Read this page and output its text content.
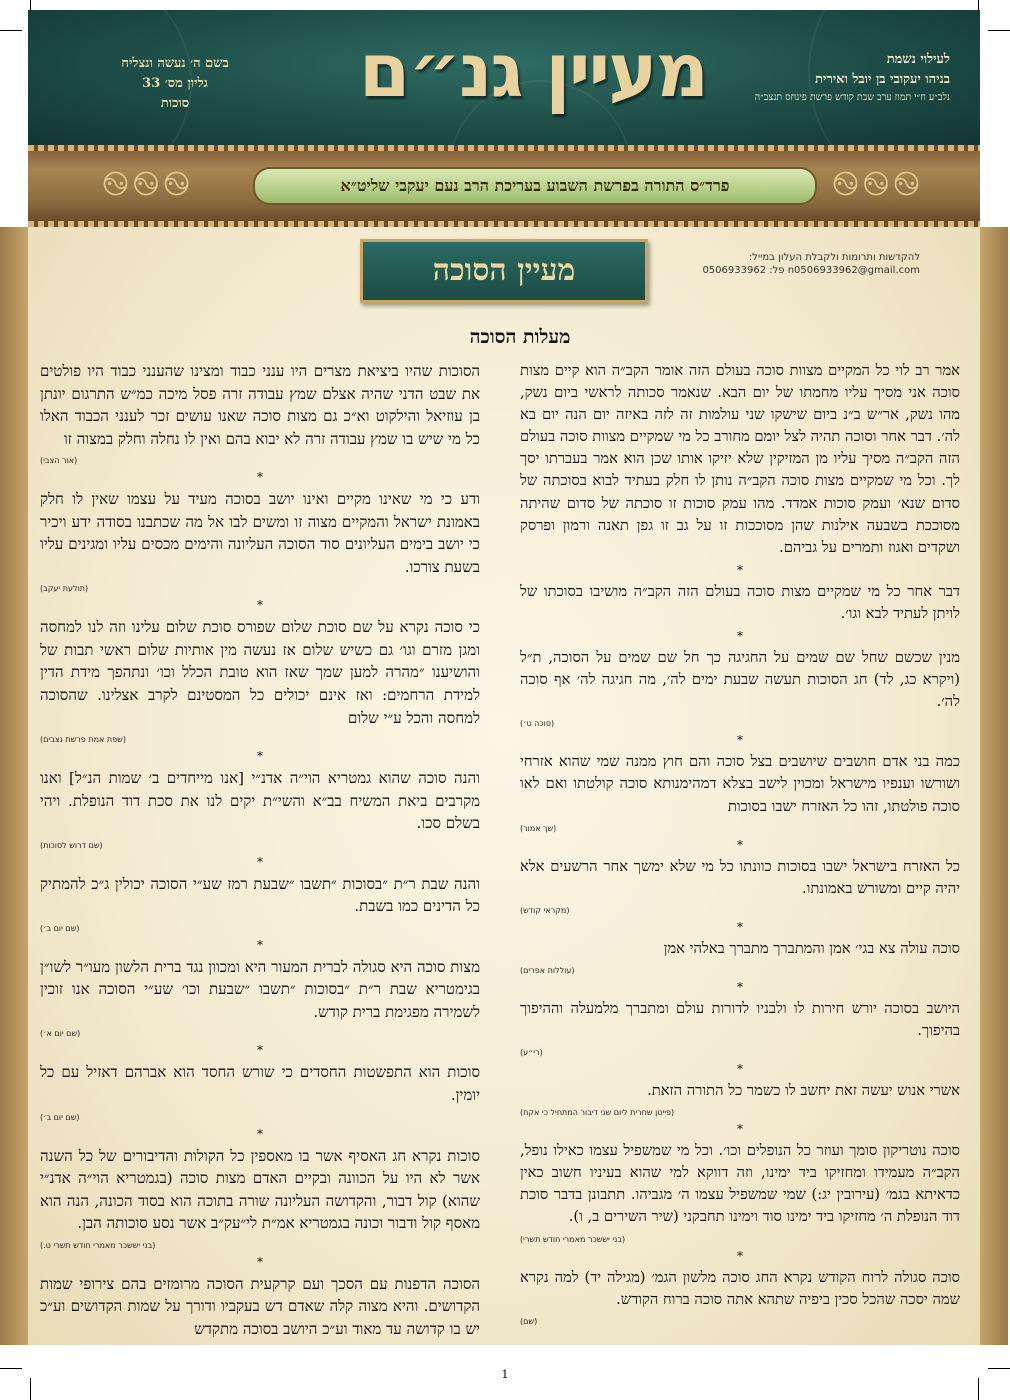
מעיין גנ״ם
בשם ה׳ נעשה ונצליח
גליון מס׳ 33
סוכות
לעילוי נשמת
בניהו יעקובי בן יובל ואירית
נלב״ע ח״י תמוז ערב שבת קודש פרשת פינחס תנצב״ה
࿊࿊࿊	࿊࿊࿊
פרד״ס התורה בפרשת השבוע בעריכת הרב נעם יעקבי שליט״א
מעיין הסוכה	להקדשות ותרומות ולקבלת העלון במייל:
n0506933962@gmail.com פל: 0506933962
מעלות הסוכה

אמר רב לוי כל המקיים מצוות סוכה בעולם הזה אומר הקב״ה הוא קיים מצות סוכה אני מסיך עליו מחמתו של יום הבא. שנאמר סכותה לראשי ביום נשק, מהו נשק, אר״ש ב״נ ביום שישקו שני עולמות זה לזה באיזה יום הנה יום בא לה׳. דבר אחר וסוכה תהיה לצל יומם מחורב כל מי שמקיים מצוות סוכה בעולם הזה הקב״ה מסיך עליו מן המזיקין שלא יזיקו אותו שכן הוא אמר בעברתו יסך לך. וכל מי שמקיים מצות סוכה הקב״ה נותן לו חלק בעתיד לבוא בסוכתה של סדום שנא׳ ועמק סוכות אמדד. מהו עמק סוכות זו סוכתה של סדום שהיתה מסוככת בשבעה אילנות שהן מסוככות זו על גב זו גפן תאנה ורמון ופרסק ושקדים ואגוז ותמרים על גביהם.

*

דבר אחר כל מי שמקיים מצות סוכה בעולם הזה הקב״ה מושיבו בסוכתו של לויתן לעתיד לבא וגו׳.

*

מנין שכשם שחל שם שמים על החגיגה כך חל שם שמים על הסוכה, ת״ל (ויקרא כג, לד) חג הסוכות תעשה שבעת ימים לה׳, מה חגיגה לה׳ אף סוכה לה׳.

(סוכה ט׳)
*

כמה בני אדם חושבים שיושבים בצל סוכה והם חוץ ממנה שמי שהוא אזרחי ושורשו וענפיו מישראל ומכוין לישב בצלא דמהימנותא סוכה קולטתו ואם לאו סוכה פולטתו, זהו כל האזרח ישבו בסוכות

(שך אמור)
*

כל האזרח בישראל ישבו בסוכות כוונתו כל מי שלא ימשך אחר הרשעים אלא יהיה קיים ומשורש באמונתו.

(מקראי קודש)
*

סוכה עולה צא בגי׳ אמן והמתברך מתברך באלהי אמן

(עוללות אפרים)
*

היושב בסוכה יורש חירות לו ולבניו לדורות עולם ומתברך מלמעלה וההיפוך בהיפוך.

(רי״ע)
*

אשרי אנוש יעשה זאת יחשב לו כשמר כל התורה הזאת.

(פייטן שחרית ליום שני דיבור המתחיל כי אקח)
*

סוכה נוטריקון סומך ועוזר כל הנופלים וכו׳. וכל מי שמשפיל עצמו כאילו נופל, הקב״ה מעמידו ומחזיקו ביד ימינו, וזה דווקא למי שהוא בעיניו חשוב כאין כדאיתא בגמ׳ (עירובין יג:) שמי שמשפיל עצמו ה׳ מגביהו. תתבונן בדבר סוכת דוד הנופלת ה׳ מחזיקו ביד ימינו סוד וימינו תחבקני (שיר השירים ב, ו).

(בני יששכר מאמרי חודש תשרי)
*

סוכה סגולה לרוח הקודש נקרא החג סוכה מלשון הגמ׳ (מגילה יד) למה נקרא שמה יסכה שהכל סכין ביפיה שתהא אתה סוכה ברוח הקודש.

(שם)

הסוכות שהיו ביציאת מצרים היו ענני כבוד ומצינו שהענני כבוד היו פולטים את שבט הדני שהיה אצלם שמץ עבודה זרה פסל מיכה כמ״ש התרגום יונתן בן עוזיאל והילקוט וא״כ גם מצות סוכה שאנו עושים זכר לענני הכבוד האלו כל מי שיש בו שמץ עבודה זרה לא יבוא בהם ואין לו נחלה וחלק במצוה זו

(אור הצבי)
*

ודע כי מי שאינו מקיים ואינו יושב בסוכה מעיד על עצמו שאין לו חלק באמונת ישראל והמקיים מצוה זו ומשים לבו אל מה שכתבנו בסודה ידע ויכיר כי יושב בימים העליונים סוד הסוכה העליונה והימים מכסים עליו ומגינים עליו בשעת צורכו.

(תולעת יעקב)
*

כי סוכה נקרא על שם סוכת שלום שפורס סוכת שלום עלינו וזה לנו למחסה ומגן מזרם וגו׳ גם כשיש שלום אז נעשה מין אותיות שלום ראשי תבות של והושיענו ״מהרה למען שמך שאז הוא טובת הכלל וכו׳ ונתהפך מידת הדין למידת הרחמים: ואז אינם יכולים כל המסטינם לקרב אצלינו. שהסוכה למחסה והכל ע״י שלום

(שפת אמת פרשת נצבים)
*

והנה סוכה שהוא גמטריא הוי״ה אדנ״י [אנו מייחדים ב׳ שמות הנ״ל] ואנו מקרבים ביאת המשיח בב״א והשי״ת יקים לנו את סכת דוד הנופלת. ויהי בשלם סכו.

(שם דרוש לסוכות)
*

והנה שבת ר״ת ״בסוכות ״תשבו ״שבעת רמז שע״י הסוכה יכולין ג״כ להמתיק כל הדינים כמו בשבת.

(שם יום ב׳)
*

מצות סוכה היא סגולה לברית המעור היא ומכוון נגד ברית הלשון מעו״ר לשו״ן בגימטריא שבת ר״ת ״בסוכות ״תשבו ״שבעת וכו׳ שע״י הסוכה אנו זוכין לשמירה מפגימת ברית קודש.

(שם יום א׳)
*

סוכות הוא התפשטות החסדים כי שורש החסד הוא אברהם דאזיל עם כל יומין.

(שם יום ב׳)
*

סוכות נקרא חג האסיף אשר בו מאספין כל הקולות והדיבורים של כל השנה אשר לא היו על הכוונה ובקיים האדם מצות סוכה (בגמטריא הוי״ה אדנ״י שהוא) קול דבור, והקדושה העליונה שורה בתוכה הוא בסוד הכונה, הנה הוא מאסף קול ודבור וכונה בגמטריא אמ״ת לי״עק״ב אשר נסע סוכותה הבן.

(בני יששכר מאמרי חודש תשרי ט.)
*

הסוכה הדפנות עם הסכך ועם קרקעית הסוכה מרומזים בהם צירופי שמות הקדושים. והיא מצוה קלה שאדם דש בעקביו ודורך על שמות הקדושים וע״כ יש בו קדושה עד מאוד וע״כ היושב בסוכה מתקדש

1
